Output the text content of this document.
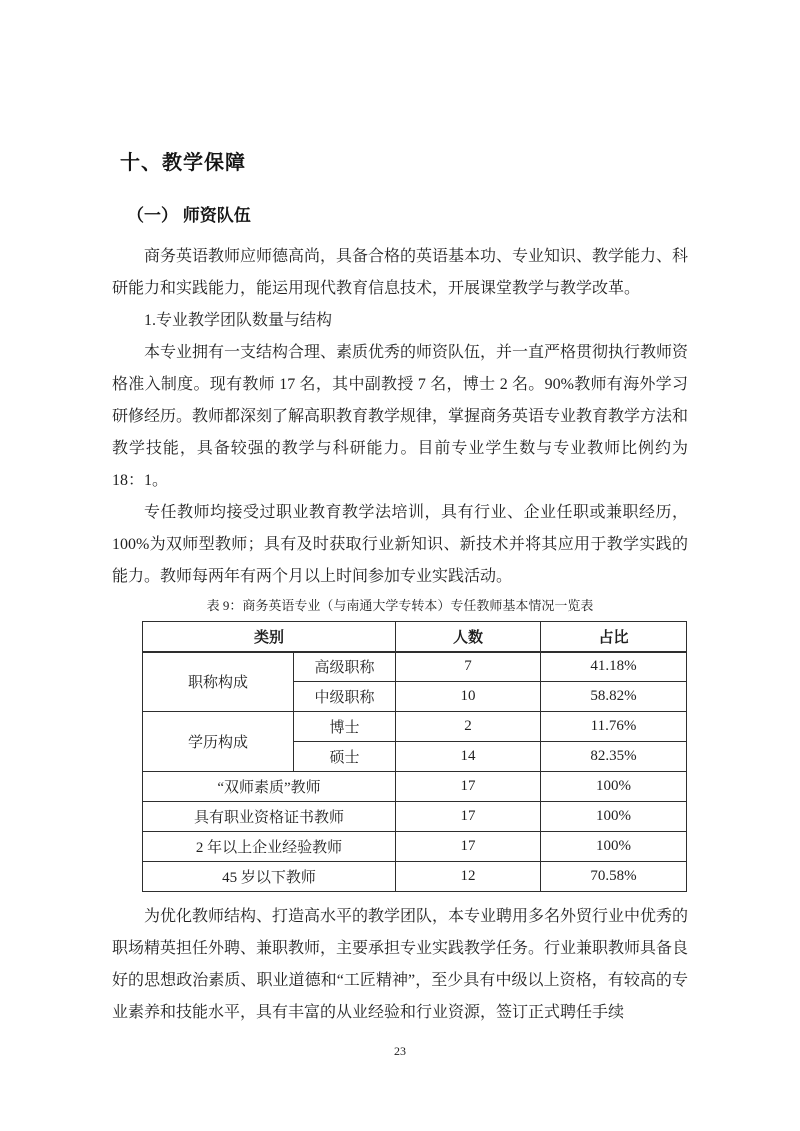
十、教学保障
（一） 师资队伍

商务英语教师应师德高尚，具备合格的英语基本功、专业知识、教学能力、科研能力和实践能力，能运用现代教育信息技术，开展课堂教学与教学改革。

1.专业教学团队数量与结构

本专业拥有一支结构合理、素质优秀的师资队伍，并一直严格贯彻执行教师资格准入制度。现有教师 17 名，其中副教授 7 名，博士 2 名。90%教师有海外学习研修经历。教师都深刻了解高职教育教学规律，掌握商务英语专业教育教学方法和教学技能，具备较强的教学与科研能力。目前专业学生数与专业教师比例约为 18：1。

专任教师均接受过职业教育教学法培训，具有行业、企业任职或兼职经历，100%为双师型教师；具有及时获取行业新知识、新技术并将其应用于教学实践的能力。教师每两年有两个月以上时间参加专业实践活动。

表 9：商务英语专业（与南通大学专转本）专任教师基本情况一览表
类别		人数	占比
职称构成	高级职称	7	41.18%
	中级职称	10	58.82%
学历构成	博士	2	11.76%
	硕士	14	82.35%
“双师素质”教师		17	100%
具有职业资格证书教师		17	100%
2 年以上企业经验教师		17	100%
45 岁以下教师		12	70.58%

为优化教师结构、打造高水平的教学团队，本专业聘用多名外贸行业中优秀的职场精英担任外聘、兼职教师，主要承担专业实践教学任务。行业兼职教师具备良好的思想政治素质、职业道德和“工匠精神”，至少具有中级以上资格，有较高的专业素养和技能水平，具有丰富的从业经验和行业资源，签订正式聘任手续

23
